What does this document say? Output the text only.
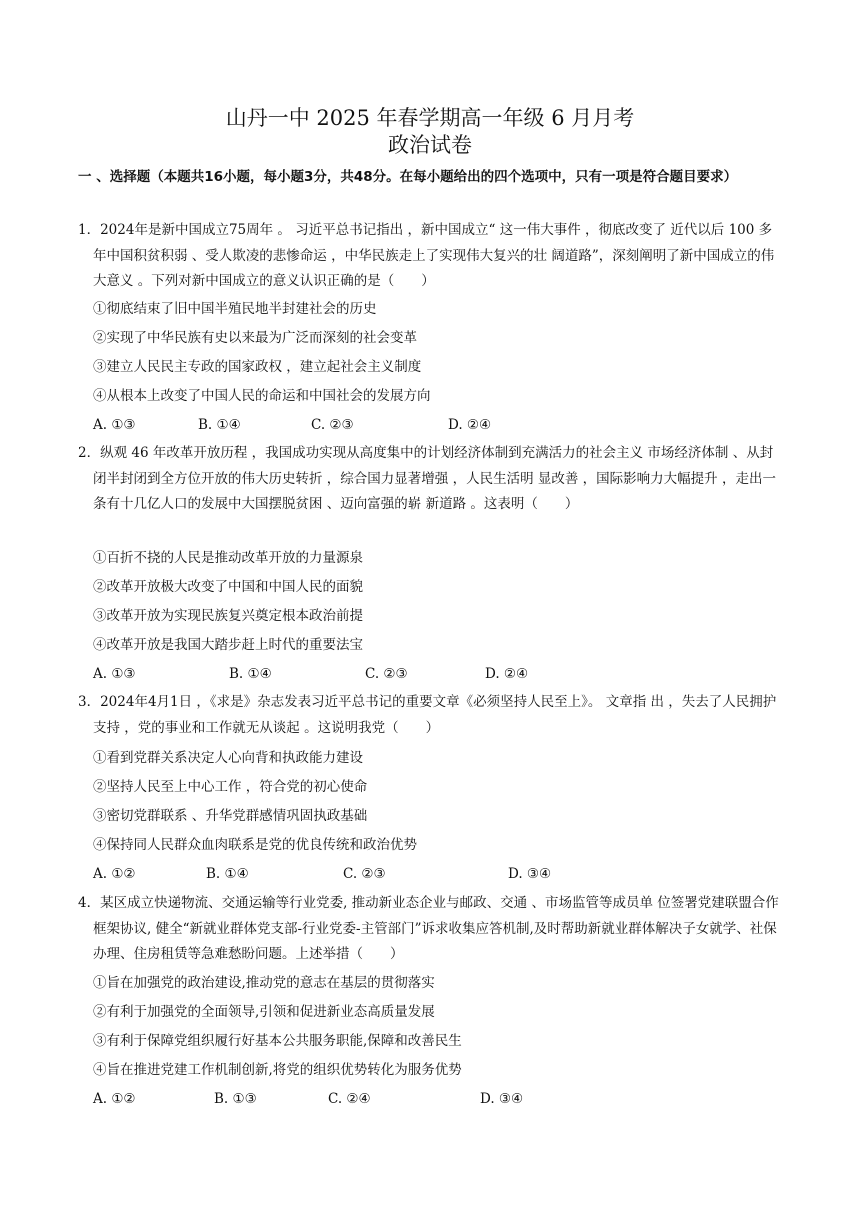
山丹一中 2025 年春学期高一年级 6 月月考
政治试卷
一 、选择题（本题共16小题，每小题3分，共48分。在每小题给出的四个选项中，只有一项是符合题目要求）
1．2024年是新中国成立75周年 。 习近平总书记指出 ，新中国成立“ 这一伟大事件 ，彻底改变了 近代以后 100 多年中国积贫积弱 、受人欺凌的悲惨命运 ，中华民族走上了实现伟大复兴的壮 阔道路”，深刻阐明了新中国成立的伟大意义 。下列对新中国成立的意义认识正确的是（　　）
①彻底结束了旧中国半殖民地半封建社会的历史
②实现了中华民族有史以来最为广泛而深刻的社会变革
③建立人民民主专政的国家政权 ，建立起社会主义制度
④从根本上改变了中国人民的命运和中国社会的发展方向
A. ①③	B. ①④	C. ②③	D. ②④
2．纵观 46 年改革开放历程 ，我国成功实现从高度集中的计划经济体制到充满活力的社会主义 市场经济体制 、从封闭半封闭到全方位开放的伟大历史转折 ，综合国力显著增强 ，人民生活明 显改善 ，国际影响力大幅提升 ，走出一条有十几亿人口的发展中大国摆脱贫困 、迈向富强的崭 新道路 。这表明（　　）
①百折不挠的人民是推动改革开放的力量源泉
②改革开放极大改变了中国和中国人民的面貌
③改革开放为实现民族复兴奠定根本政治前提
④改革开放是我国大踏步赶上时代的重要法宝
A. ①③	B. ①④	C. ②③	D. ②④
3．2024年4月1日 ，《求是》杂志发表习近平总书记的重要文章《必须坚持人民至上》。 文章指 出 ，失去了人民拥护支持 ，党的事业和工作就无从谈起 。这说明我党（　　）
①看到党群关系决定人心向背和执政能力建设
②坚持人民至上中心工作 ，符合党的初心使命
③密切党群联系 、升华党群感情巩固执政基础
④保持同人民群众血肉联系是党的优良传统和政治优势
A. ①②	B. ①④	C. ②③	D. ③④
4．某区成立快递物流、交通运输等行业党委, 推动新业态企业与邮政、交通 、市场监管等成员单 位签署党建联盟合作框架协议, 健全“新就业群体党支部-行业党委-主管部门”诉求收集应答机制,及时帮助新就业群体解决子女就学、社保办理、住房租赁等急难愁盼问题。上述举措（　　）
①旨在加强党的政治建设,推动党的意志在基层的贯彻落实
②有利于加强党的全面领导,引领和促进新业态高质量发展
③有利于保障党组织履行好基本公共服务职能,保障和改善民生
④旨在推进党建工作机制创新,将党的组织优势转化为服务优势
A. ①②	B. ①③	C. ②④	D. ③④
